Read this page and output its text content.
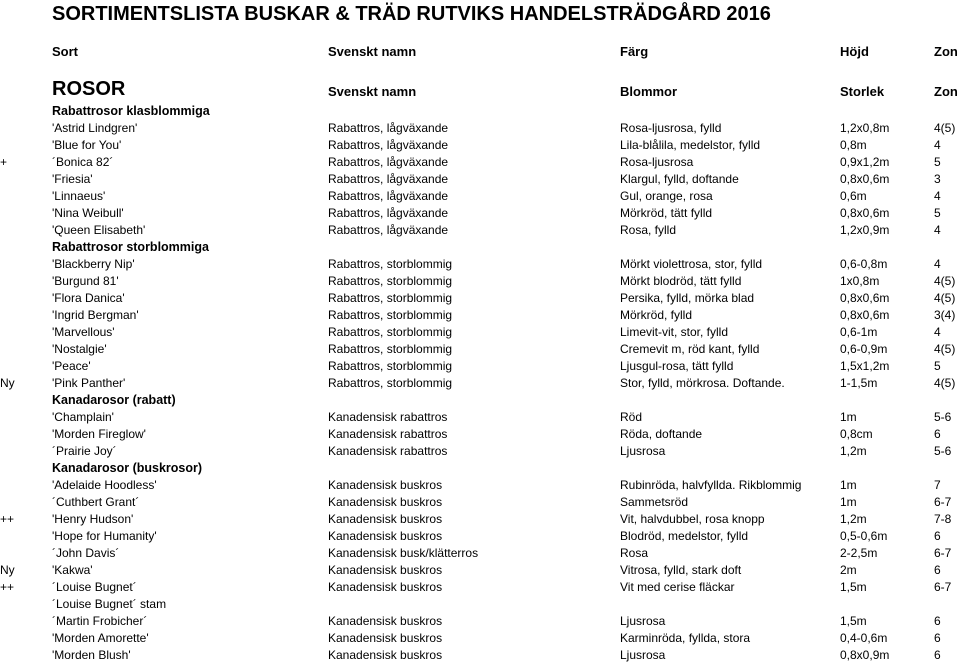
SORTIMENTSLISTA BUSKAR & TRÄD RUTVIKS HANDELSTRÄDGÅRD 2016
Sort	Svenskt namn	Färg	Höjd	Zon
ROSOR	Svenskt namn	Blommor	Storlek	Zon
Rabattrosor klasblommiga
'Astrid Lindgren'	Rabattros, lågväxande	Rosa-ljusrosa, fylld	1,2x0,8m	4(5)
'Blue for You'	Rabattros, lågväxande	Lila-blålila, medelstor, fylld	0,8m	4
+	´Bonica 82´	Rabattros, lågväxande	Rosa-ljusrosa	0,9x1,2m	5
'Friesia'	Rabattros, lågväxande	Klargul, fylld, doftande	0,8x0,6m	3
'Linnaeus'	Rabattros, lågväxande	Gul, orange, rosa	0,6m	4
'Nina Weibull'	Rabattros, lågväxande	Mörkröd, tätt fylld	0,8x0,6m	5
'Queen Elisabeth'	Rabattros, lågväxande	Rosa, fylld	1,2x0,9m	4
Rabattrosor storblommiga
'Blackberry Nip'	Rabattros, storblommig	Mörkt violettrosa, stor, fylld	0,6-0,8m	4
'Burgund 81'	Rabattros, storblommig	Mörkt blodröd, tätt fylld	1x0,8m	4(5)
'Flora Danica'	Rabattros, storblommig	Persika, fylld, mörka blad	0,8x0,6m	4(5)
'Ingrid Bergman'	Rabattros, storblommig	Mörkröd, fylld	0,8x0,6m	3(4)
'Marvellous'	Rabattros, storblommig	Limevit-vit, stor, fylld	0,6-1m	4
'Nostalgie'	Rabattros, storblommig	Cremevit m, röd kant, fylld	0,6-0,9m	4(5)
'Peace'	Rabattros, storblommig	Ljusgul-rosa, tätt fylld	1,5x1,2m	5
Ny	'Pink Panther'	Rabattros, storblommig	Stor, fylld, mörkrosa. Doftande.	1-1,5m	4(5)
Kanadarosor (rabatt)
'Champlain'	Kanadensisk rabattros	Röd	1m	5-6
'Morden Fireglow'	Kanadensisk rabattros	Röda, doftande	0,8cm	6
´Prairie Joy´	Kanadensisk rabattros	Ljusrosa	1,2m	5-6
Kanadarosor (buskrosor)
'Adelaide Hoodless'	Kanadensisk buskros	Rubinröda, halvfyllda. Rikblommig	1m	7
´Cuthbert Grant´	Kanadensisk buskros	Sammetsröd	1m	6-7
++	'Henry Hudson'	Kanadensisk buskros	Vit, halvdubbel, rosa knopp	1,2m	7-8
'Hope for Humanity'	Kanadensisk buskros	Blodröd, medelstor, fylld	0,5-0,6m	6
´John Davis´	Kanadensisk busk/klätterros	Rosa	2-2,5m	6-7
Ny	'Kakwa'	Kanadensisk buskros	Vitrosa, fylld, stark doft	2m	6
++	´Louise Bugnet´	Kanadensisk buskros	Vit med cerise fläckar	1,5m	6-7
´Louise Bugnet´ stam
´Martin Frobicher´	Kanadensisk buskros	Ljusrosa	1,5m	6
'Morden Amorette'	Kanadensisk buskros	Karminröda, fyllda, stora	0,4-0,6m	6
'Morden Blush'	Kanadensisk buskros	Ljusrosa	0,8x0,9m	6
